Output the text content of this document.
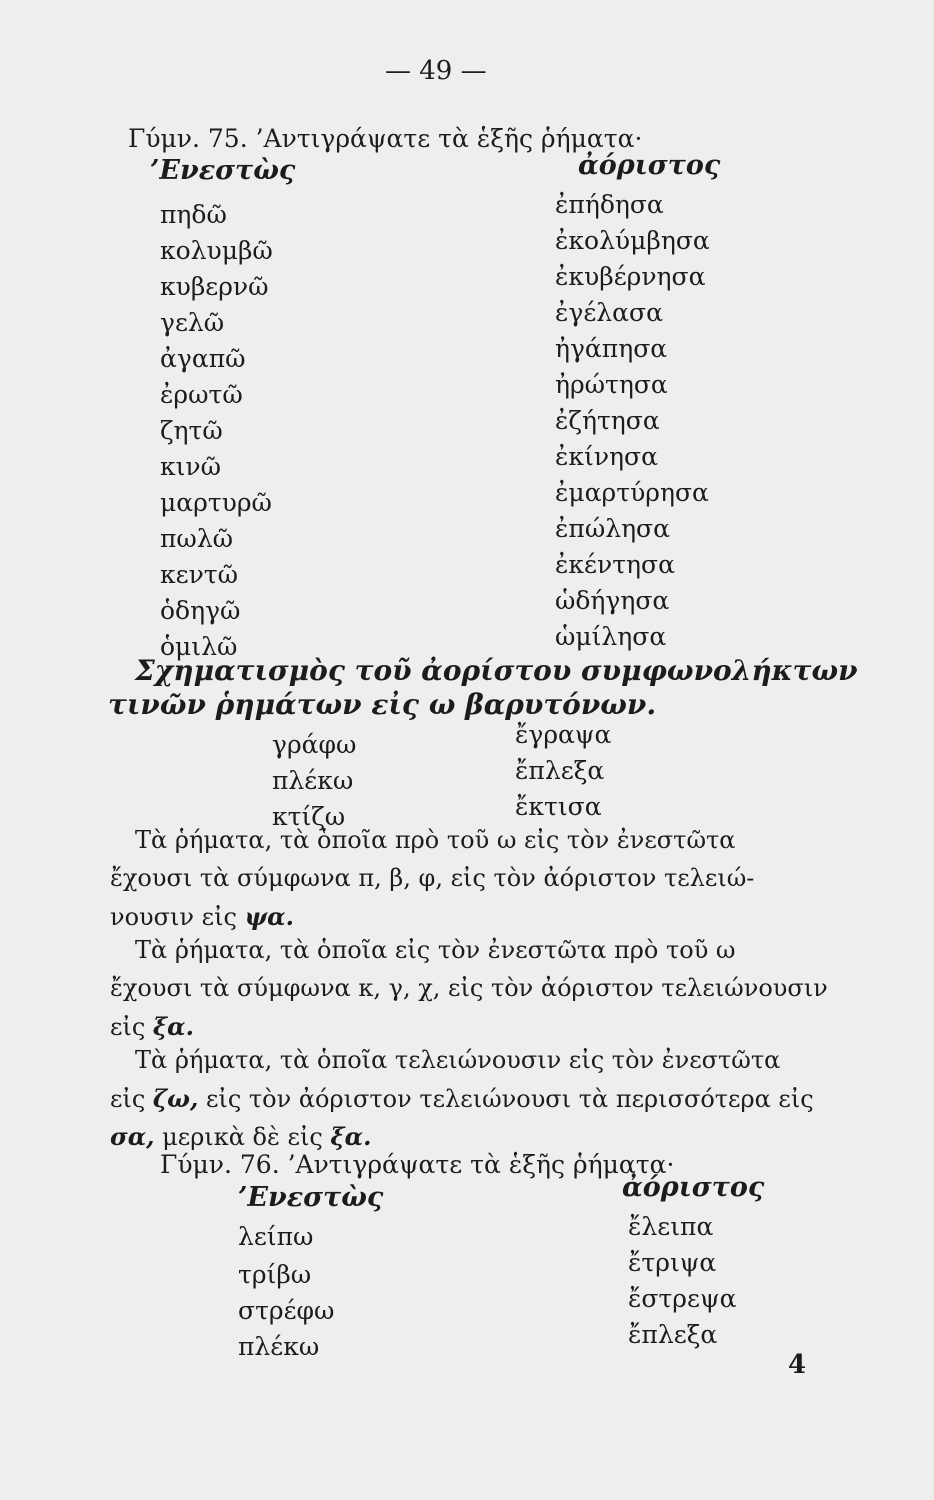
— 49 —
Γύμν. 75. ’Αντιγράψατε τὰ ἑξῆς ῥήματα·
’Ενεστὼς	ἀόριστος
πηδῶ	ἐπήδησα
κολυμβῶ	ἐκολύμβησα
κυβερνῶ	ἐκυβέρνησα
γελῶ	ἐγέλασα
ἀγαπῶ	ἠγάπησα
ἐρωτῶ	ἠρώτησα
ζητῶ	ἐζήτησα
κινῶ	ἐκίνησα
μαρτυρῶ	ἐμαρτύρησα
πωλῶ	ἐπώλησα
κεντῶ	ἐκέντησα
ὁδηγῶ	ὡδήγησα
ὁμιλῶ	ὡμίλησα
Σχηματισμὸς τοῦ ἀορίστου συμφωνολήκτων
τινῶν ῥημάτων εἰς ω βαρυτόνων.
γράφω	ἔγραψα
πλέκω	ἔπλεξα
κτίζω	ἔκτισα
Τὰ ῥήματα, τὰ ὁποῖα πρὸ τοῦ ω εἰς τὸν ἐνεστῶτα
ἔχουσι τὰ σύμφωνα π, β, φ, εἰς τὸν ἀόριστον τελειώ-
νουσιν εἰς ψα.
Τὰ ῥήματα, τὰ ὁποῖα εἰς τὸν ἐνεστῶτα πρὸ τοῦ ω
ἔχουσι τὰ σύμφωνα κ, γ, χ, εἰς τὸν ἀόριστον τελειώνουσιν
εἰς ξα.
Τὰ ῥήματα, τὰ ὁποῖα τελειώνουσιν εἰς τὸν ἐνεστῶτα
εἰς ζω, εἰς τὸν ἀόριστον τελειώνουσι τὰ περισσότερα εἰς
σα, μερικὰ δὲ εἰς ξα.
Γύμν. 76. ’Αντιγράψατε τὰ ἑξῆς ῥήματα·
’Ενεστὼς	ἀόριστος
λείπω	ἔλειπα
τρίβω	ἔτριψα
στρέφω	ἔστρεψα
πλέκω	ἔπλεξα
4
